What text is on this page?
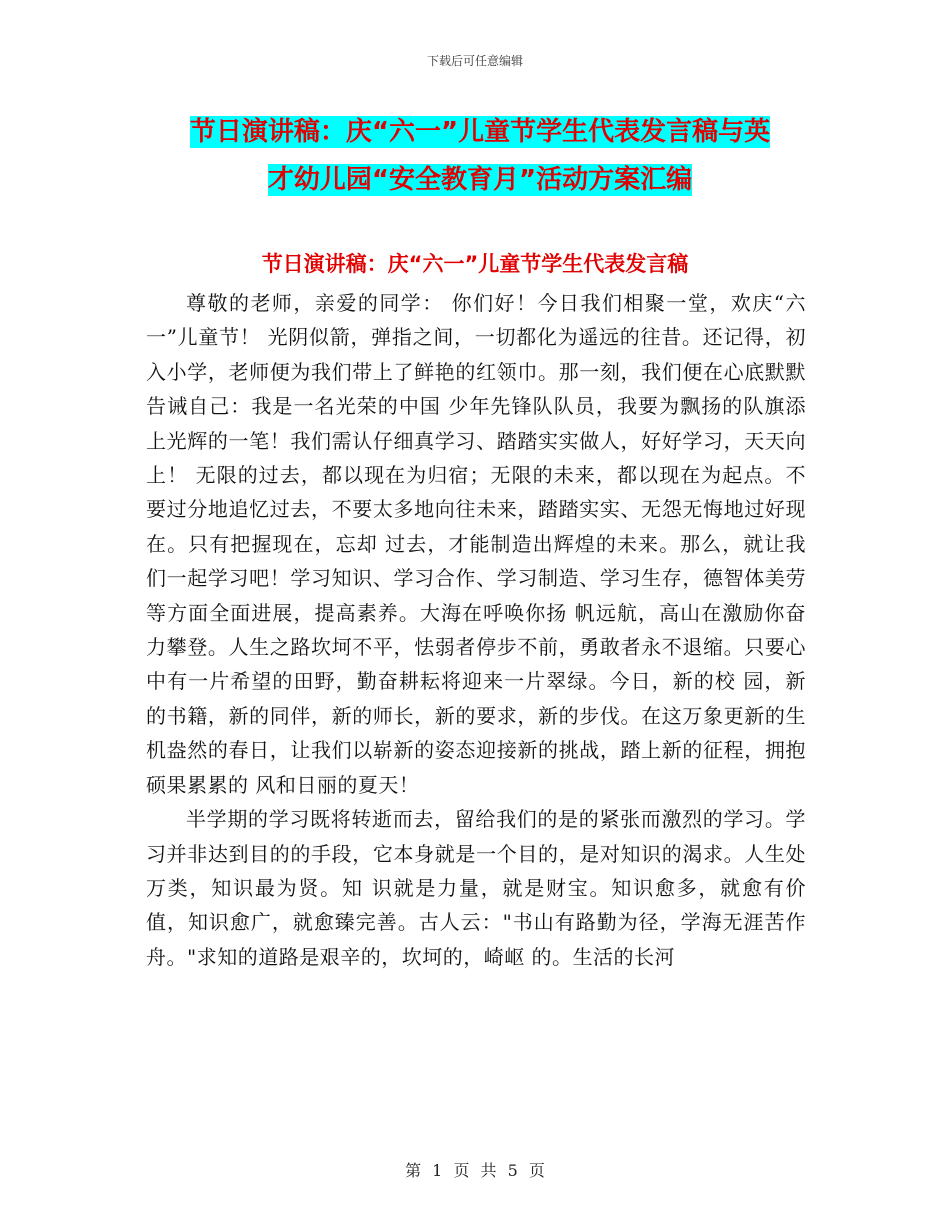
下载后可任意编辑
节日演讲稿：庆“六一”儿童节学生代表发言稿与英
才幼儿园“安全教育月”活动方案汇编
节日演讲稿：庆“六一”儿童节学生代表发言稿

尊敬的老师，亲爱的同学： 你们好！今日我们相聚一堂，欢庆“六一”儿童节！ 光阴似箭，弹指之间，一切都化为遥远的往昔。还记得，初入小学，老师便为我们带上了鲜艳的红领巾。那一刻，我们便在心底默默告诫自己：我是一名光荣的中国 少年先锋队队员，我要为飘扬的队旗添上光辉的一笔！我们需认仔细真学习、踏踏实实做人，好好学习，天天向上！ 无限的过去，都以现在为归宿；无限的未来，都以现在为起点。不要过分地追忆过去，不要太多地向往未来，踏踏实实、无怨无悔地过好现在。只有把握现在，忘却 过去，才能制造出辉煌的未来。那么，就让我们一起学习吧！学习知识、学习合作、学习制造、学习生存，德智体美劳等方面全面进展，提高素养。大海在呼唤你扬 帆远航，高山在激励你奋力攀登。人生之路坎坷不平，怯弱者停步不前，勇敢者永不退缩。只要心中有一片希望的田野，勤奋耕耘将迎来一片翠绿。今日，新的校 园，新的书籍，新的同伴，新的师长，新的要求，新的步伐。在这万象更新的生机盎然的春日，让我们以崭新的姿态迎接新的挑战，踏上新的征程，拥抱硕果累累的 风和日丽的夏天！

半学期的学习既将转逝而去，留给我们的是的紧张而激烈的学习。学习并非达到目的的手段，它本身就是一个目的，是对知识的渴求。人生处万类，知识最为贤。知 识就是力量，就是财宝。知识愈多，就愈有价值，知识愈广，就愈臻完善。古人云："书山有路勤为径，学海无涯苦作舟。"求知的道路是艰辛的，坎坷的，崎岖 的。生活的长河

第 1 页 共 5 页
